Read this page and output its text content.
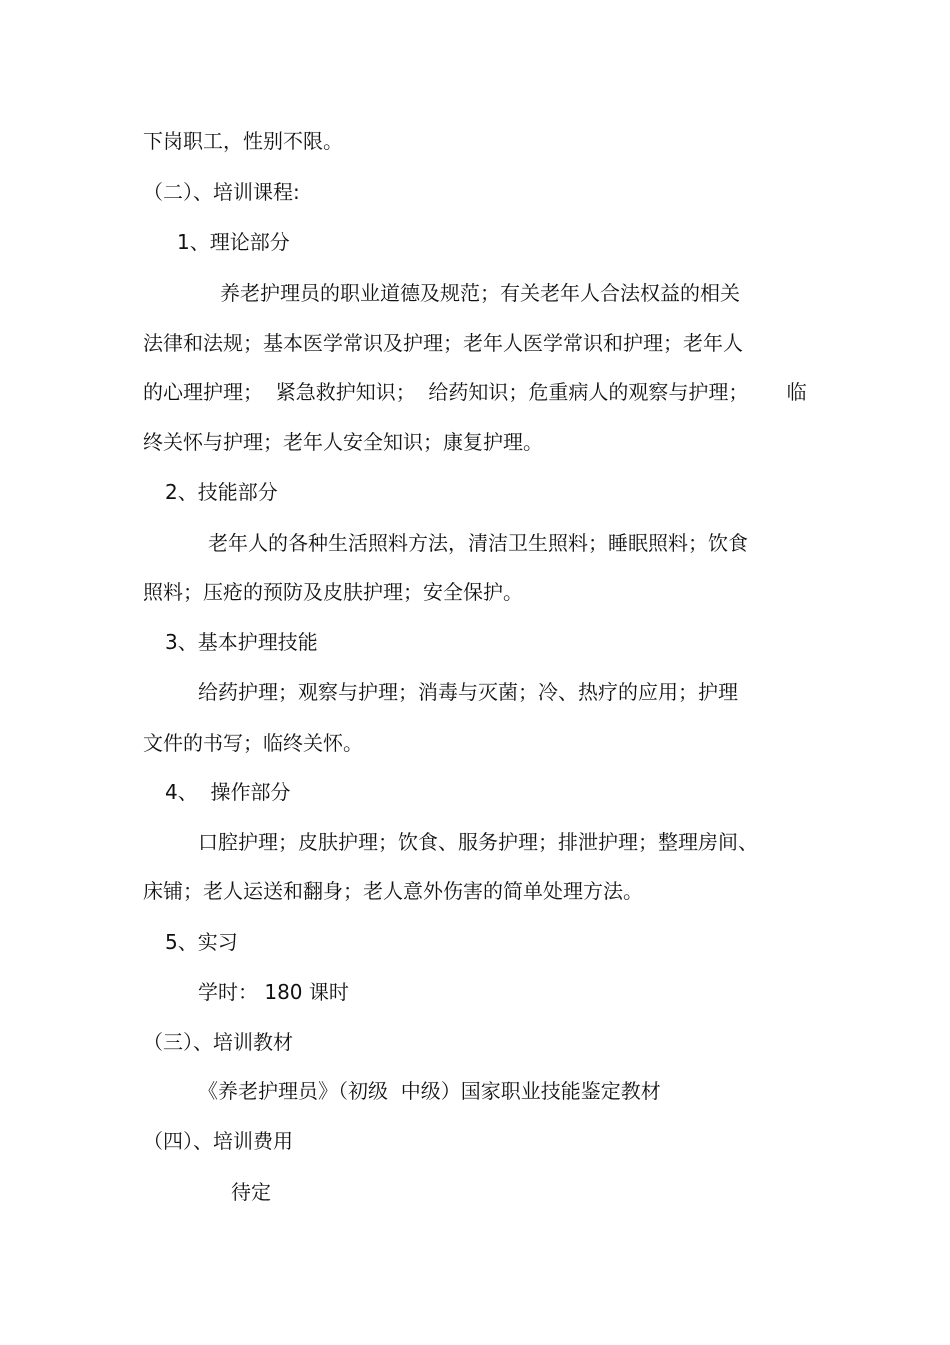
下岗职工，性别不限。
（二）、培训课程:
1、理论部分
养老护理员的职业道德及规范；有关老年人合法权益的相关
法律和法规；基本医学常识及护理；老年人医学常识和护理；老年人
的心理护理；  紧急救护知识；  给药知识；危重病人的观察与护理；      临
终关怀与护理；老年人安全知识；康复护理。
2、技能部分
老年人的各种生活照料方法，清洁卫生照料；睡眠照料；饮食
照料；压疮的预防及皮肤护理；安全保护。
3、基本护理技能
给药护理；观察与护理；消毒与灭菌；冷、热疗的应用；护理
文件的书写；临终关怀。
4、  操作部分
口腔护理；皮肤护理；饮食、服务护理；排泄护理；整理房间、
床铺；老人运送和翻身；老人意外伤害的简单处理方法。
5、实习
学时： 180 课时
（三）、培训教材
《养老护理员》（初级  中级）国家职业技能鉴定教材
（四）、培训费用
待定
